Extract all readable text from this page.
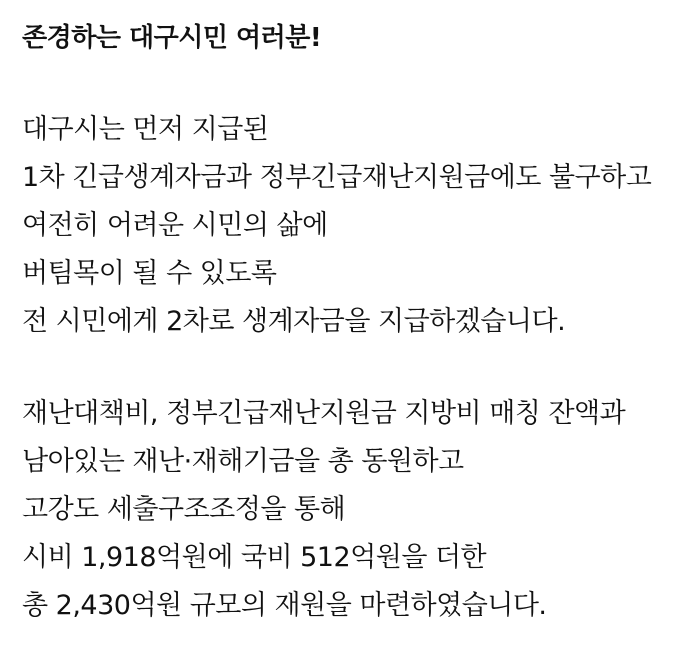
존경하는 대구시민 여러분!
대구시는 먼저 지급된
1차 긴급생계자금과 정부긴급재난지원금에도 불구하고
여전히 어려운 시민의 삶에
버팀목이 될 수 있도록
전 시민에게 2차로 생계자금을 지급하겠습니다.
재난대책비, 정부긴급재난지원금 지방비 매칭 잔액과
남아있는 재난·재해기금을 총 동원하고
고강도 세출구조조정을 통해
시비 1,918억원에 국비 512억원을 더한
총 2,430억원 규모의 재원을 마련하였습니다.
